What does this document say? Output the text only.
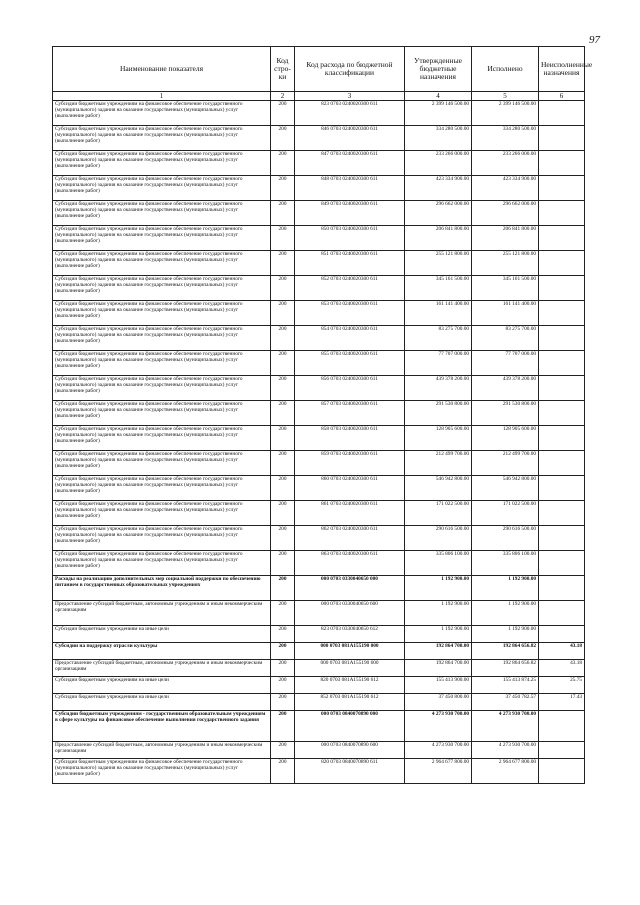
97
Наименование показателя	Код стро-ки	Код расхода по бюджетной классификации	Утвержденные бюджетные назначения	Исполнено	Неисполненные назначения
1	2	3	4	5	6
Субсидии бюджетным учреждениям на финансовое обеспечение государственного (муниципального) задания на оказание государственных (муниципальных) услуг (выполнение работ)	200	823 0703 0240020300 611	2 399 146 500.00	2 399 146 500.00	
Субсидии бюджетным учреждениям на финансовое обеспечение государственного (муниципального) задания на оказание государственных (муниципальных) услуг (выполнение работ)	200	846 0703 0240020300 611	334 280 500.00	334 280 500.00	
Субсидии бюджетным учреждениям на финансовое обеспечение государственного (муниципального) задания на оказание государственных (муниципальных) услуг (выполнение работ)	200	847 0703 0240020300 611	233 266 000.00	233 266 000.00	
Субсидии бюджетным учреждениям на финансовое обеспечение государственного (муниципального) задания на оказание государственных (муниципальных) услуг (выполнение работ)	200	848 0703 0240020300 611	423 334 900.00	423 334 900.00	
Субсидии бюджетным учреждениям на финансовое обеспечение государственного (муниципального) задания на оказание государственных (муниципальных) услуг (выполнение работ)	200	849 0703 0240020300 611	296 662 000.00	296 662 000.00	
Субсидии бюджетным учреждениям на финансовое обеспечение государственного (муниципального) задания на оказание государственных (муниципальных) услуг (выполнение работ)	200	850 0703 0240020300 611	206 841 800.00	206 841 800.00	
Субсидии бюджетным учреждениям на финансовое обеспечение государственного (муниципального) задания на оказание государственных (муниципальных) услуг (выполнение работ)	200	851 0703 0240020300 611	255 121 800.00	255 121 800.00	
Субсидии бюджетным учреждениям на финансовое обеспечение государственного (муниципального) задания на оказание государственных (муниципальных) услуг (выполнение работ)	200	852 0703 0240020300 611	345 161 500.00	345 161 500.00	
Субсидии бюджетным учреждениям на финансовое обеспечение государственного (муниципального) задания на оказание государственных (муниципальных) услуг (выполнение работ)	200	853 0703 0240020300 611	161 141 400.00	161 141 400.00	
Субсидии бюджетным учреждениям на финансовое обеспечение государственного (муниципального) задания на оказание государственных (муниципальных) услуг (выполнение работ)	200	854 0703 0240020300 611	83 275 700.00	83 275 700.00	
Субсидии бюджетным учреждениям на финансовое обеспечение государственного (муниципального) задания на оказание государственных (муниципальных) услуг (выполнение работ)	200	855 0703 0240020300 611	77 707 000.00	77 707 000.00	
Субсидии бюджетным учреждениям на финансовое обеспечение государственного (муниципального) задания на оказание государственных (муниципальных) услуг (выполнение работ)	200	856 0703 0240020300 611	439 378 200.00	439 378 200.00	
Субсидии бюджетным учреждениям на финансовое обеспечение государственного (муниципального) задания на оказание государственных (муниципальных) услуг (выполнение работ)	200	857 0703 0240020300 611	291 530 800.00	291 530 800.00	
Субсидии бюджетным учреждениям на финансовое обеспечение государственного (муниципального) задания на оказание государственных (муниципальных) услуг (выполнение работ)	200	858 0703 0240020300 611	128 905 600.00	128 905 600.00	
Субсидии бюджетным учреждениям на финансовое обеспечение государственного (муниципального) задания на оказание государственных (муниципальных) услуг (выполнение работ)	200	859 0703 0240020300 611	212 499 700.00	212 499 700.00	
Субсидии бюджетным учреждениям на финансовое обеспечение государственного (муниципального) задания на оказание государственных (муниципальных) услуг (выполнение работ)	200	860 0703 0240020300 611	546 942 800.00	546 942 800.00	
Субсидии бюджетным учреждениям на финансовое обеспечение государственного (муниципального) задания на оказание государственных (муниципальных) услуг (выполнение работ)	200	861 0703 0240020300 611	171 022 500.00	171 022 500.00	
Субсидии бюджетным учреждениям на финансовое обеспечение государственного (муниципального) задания на оказание государственных (муниципальных) услуг (выполнение работ)	200	862 0703 0240020300 611	290 616 500.00	290 616 500.00	
Субсидии бюджетным учреждениям на финансовое обеспечение государственного (муниципального) задания на оказание государственных (муниципальных) услуг (выполнение работ)	200	863 0703 0240020300 611	335 806 100.00	335 806 100.00	
Расходы на реализацию дополнительных мер социальной поддержки по обеспечению питанием в государственных образовательных учреждениях	200	000 0703 0330040650 000	1 192 900.00	1 192 900.00	
Предоставление субсидий бюджетным, автономным учреждениям и иным некоммерческим организациям	200	000 0703 0330040650 600	1 192 900.00	1 192 900.00	
Субсидии бюджетным учреждениям на иные цели	200	823 0703 0330040650 612	1 192 900.00	1 192 900.00	
Субсидии на поддержку отрасли культуры	200	000 0703 081A155190 000	192 864 700.00	192 864 656.82	43.18
Предоставление субсидий бюджетным, автономным учреждениям и иным некоммерческим организациям	200	000 0703 081A155190 600	192 864 700.00	192 864 656.82	43.18
Субсидии бюджетным учреждениям на иные цели	200	820 0703 081A155190 612	155 413 900.00	155 413 874.25	25.75
Субсидии бюджетным учреждениям на иные цели	200	852 0703 081A155190 612	37 450 800.00	37 450 782.57	17.43
Субсидии бюджетным учреждениям - государственным образовательным учреждениям в сфере культуры на финансовое обеспечение выполнения государственного задания	200	000 0703 0840070890 000	4 273 930 700.00	4 273 930 700.00	
Предоставление субсидий бюджетным, автономным учреждениям и иным некоммерческим организациям	200	000 0703 0840070890 600	4 273 930 700.00	4 273 930 700.00	
Субсидии бюджетным учреждениям на финансовое обеспечение государственного (муниципального) задания на оказание государственных (муниципальных) услуг (выполнение работ)	200	820 0703 0840070890 611	2 964 677 800.00	2 964 677 800.00	
